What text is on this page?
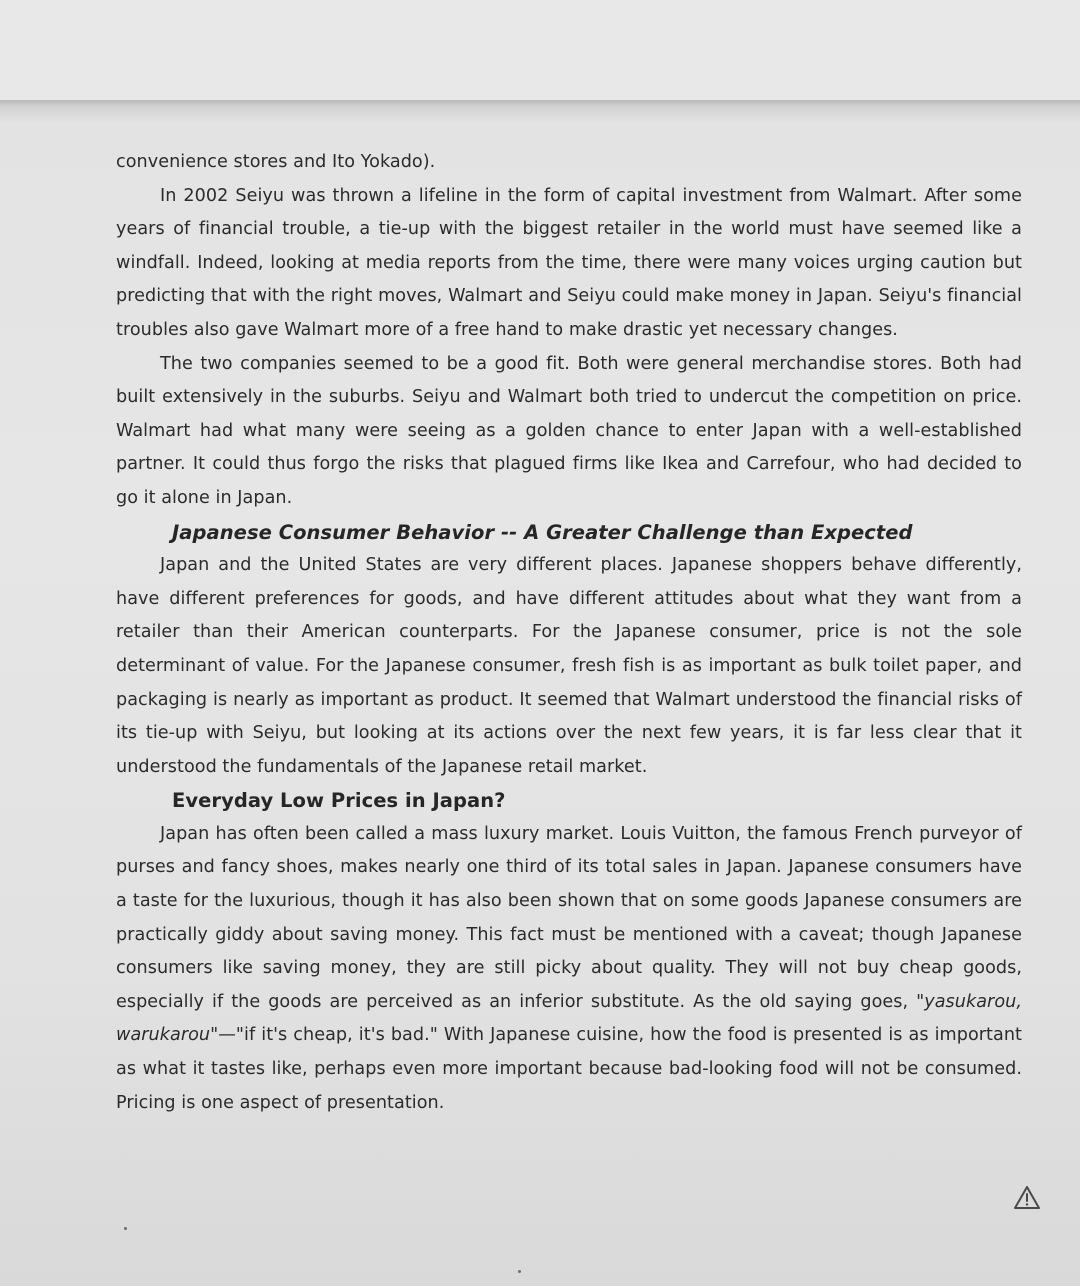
convenience stores and Ito Yokado).

In 2002 Seiyu was thrown a lifeline in the form of capital investment from Walmart. After some years of financial trouble, a tie-up with the biggest retailer in the world must have seemed like a windfall. Indeed, looking at media reports from the time, there were many voices urging caution but predicting that with the right moves, Walmart and Seiyu could make money in Japan. Seiyu's financial troubles also gave Walmart more of a free hand to make drastic yet necessary changes.

The two companies seemed to be a good fit. Both were general merchandise stores. Both had built extensively in the suburbs. Seiyu and Walmart both tried to undercut the competition on price. Walmart had what many were seeing as a golden chance to enter Japan with a well-established partner. It could thus forgo the risks that plagued firms like Ikea and Carrefour, who had decided to go it alone in Japan.

Japanese Consumer Behavior -- A Greater Challenge than Expected

Japan and the United States are very different places. Japanese shoppers behave differently, have different preferences for goods, and have different attitudes about what they want from a retailer than their American counterparts. For the Japanese consumer, price is not the sole determinant of value. For the Japanese consumer, fresh fish is as important as bulk toilet paper, and packaging is nearly as important as product. It seemed that Walmart understood the financial risks of its tie-up with Seiyu, but looking at its actions over the next few years, it is far less clear that it understood the fundamentals of the Japanese retail market.

Everyday Low Prices in Japan?

Japan has often been called a mass luxury market. Louis Vuitton, the famous French purveyor of purses and fancy shoes, makes nearly one third of its total sales in Japan. Japanese consumers have a taste for the luxurious, though it has also been shown that on some goods Japanese consumers are practically giddy about saving money. This fact must be mentioned with a caveat; though Japanese consumers like saving money, they are still picky about quality. They will not buy cheap goods, especially if the goods are perceived as an inferior substitute. As the old saying goes, "yasukarou, warukarou"—"if it's cheap, it's bad." With Japanese cuisine, how the food is presented is as important as what it tastes like, perhaps even more important because bad-looking food will not be consumed. Pricing is one aspect of presentation.
